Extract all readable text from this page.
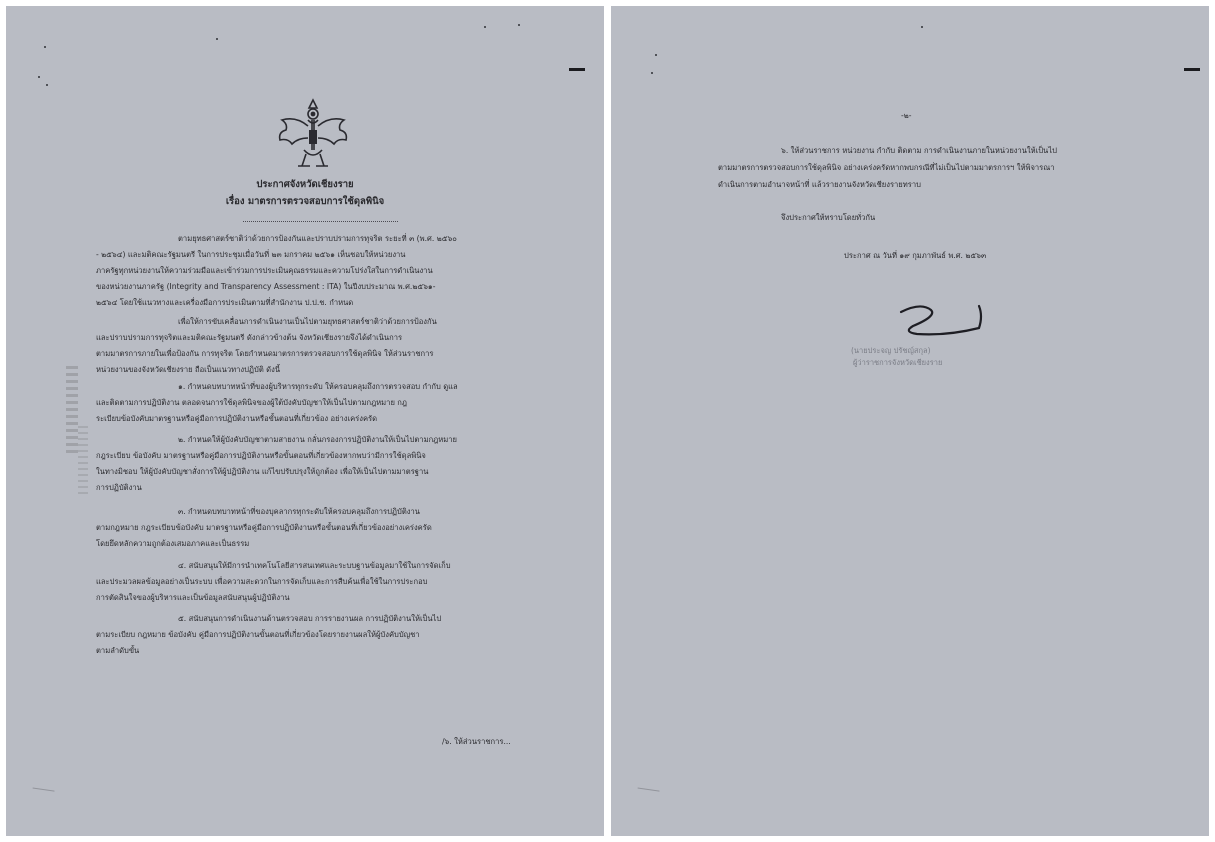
ประกาศจังหวัดเชียงราย
เรื่อง มาตรการตรวจสอบการใช้ดุลพินิจ
ตามยุทธศาสตร์ชาติว่าด้วยการป้องกันและปราบปรามการทุจริต ระยะที่ ๓ (พ.ศ. ๒๕๖๐
- ๒๕๖๔) และมติคณะรัฐมนตรี ในการประชุมเมื่อวันที่ ๒๓ มกราคม ๒๕๖๑ เห็นชอบให้หน่วยงาน
ภาครัฐทุกหน่วยงานให้ความร่วมมือและเข้าร่วมการประเมินคุณธรรมและความโปร่งใสในการดำเนินงาน
ของหน่วยงานภาครัฐ (Integrity and Transparency Assessment : ITA) ในปีงบประมาณ พ.ศ.๒๕๖๑-
๒๕๖๔ โดยใช้แนวทางและเครื่องมือการประเมินตามที่สำนักงาน ป.ป.ช. กำหนด
เพื่อให้การขับเคลื่อนการดำเนินงานเป็นไปตามยุทธศาสตร์ชาติว่าด้วยการป้องกัน
และปราบปรามการทุจริตและมติคณะรัฐมนตรี ดังกล่าวข้างต้น จังหวัดเชียงรายจึงได้ดำเนินการ
ตามมาตรการภายในเพื่อป้องกัน การทุจริต โดยกำหนดมาตรการตรวจสอบการใช้ดุลพินิจ ให้ส่วนราชการ
หน่วยงานของจังหวัดเชียงราย ถือเป็นแนวทางปฏิบัติ ดังนี้
๑. กำหนดบทบาทหน้าที่ของผู้บริหารทุกระดับ ให้ครอบคลุมถึงการตรวจสอบ กำกับ ดูแล
และติดตามการปฏิบัติงาน ตลอดจนการใช้ดุลพินิจของผู้ใต้บังคับบัญชาให้เป็นไปตามกฎหมาย กฎ
ระเบียบข้อบังคับมาตรฐานหรือคู่มือการปฏิบัติงานหรือขั้นตอนที่เกี่ยวข้อง อย่างเคร่งครัด
๒. กำหนดให้ผู้บังคับบัญชาตามสายงาน กลั่นกรองการปฏิบัติงานให้เป็นไปตามกฎหมาย
กฎระเบียบ ข้อบังคับ มาตรฐานหรือคู่มือการปฏิบัติงานหรือขั้นตอนที่เกี่ยวข้องหากพบว่ามีการใช้ดุลพินิจ
ในทางมิชอบ ให้ผู้บังคับบัญชาสั่งการให้ผู้ปฏิบัติงาน แก้ไขปรับปรุงให้ถูกต้อง เพื่อให้เป็นไปตามมาตรฐาน
การปฏิบัติงาน
๓. กำหนดบทบาทหน้าที่ของบุคลากรทุกระดับให้ครอบคลุมถึงการปฏิบัติงาน
ตามกฎหมาย กฎระเบียบข้อบังคับ มาตรฐานหรือคู่มือการปฏิบัติงานหรือขั้นตอนที่เกี่ยวข้องอย่างเคร่งครัด
โดยยึดหลักความถูกต้องเสมอภาคและเป็นธรรม
๔. สนับสนุนให้มีการนำเทคโนโลยีสารสนเทศและระบบฐานข้อมูลมาใช้ในการจัดเก็บ
และประมวลผลข้อมูลอย่างเป็นระบบ เพื่อความสะดวกในการจัดเก็บและการสืบค้นเพื่อใช้ในการประกอบ
การตัดสินใจของผู้บริหารและเป็นข้อมูลสนับสนุนผู้ปฏิบัติงาน
๕. สนับสนุนการดำเนินงานด้านตรวจสอบ การรายงานผล การปฏิบัติงานให้เป็นไป
ตามระเบียบ กฎหมาย ข้อบังคับ คู่มือการปฏิบัติงานขั้นตอนที่เกี่ยวข้องโดยรายงานผลให้ผู้บังคับบัญชา
ตามลำดับขั้น
/๖. ให้ส่วนราชการ...
-๒-
๖. ให้ส่วนราชการ หน่วยงาน กำกับ ติดตาม การดำเนินงานภายในหน่วยงานให้เป็นไป
ตามมาตรการตรวจสอบการใช้ดุลพินิจ อย่างเคร่งครัดหากพบกรณีที่ไม่เป็นไปตามมาตรการฯ ให้พิจารณา
ดำเนินการตามอำนาจหน้าที่ แล้วรายงานจังหวัดเชียงรายทราบ
จึงประกาศให้ทราบโดยทั่วกัน
ประกาศ ณ วันที่ ๑๙ กุมภาพันธ์ พ.ศ. ๒๕๖๓
(นายประจญ ปรัชญ์สกุล)
ผู้ว่าราชการจังหวัดเชียงราย
